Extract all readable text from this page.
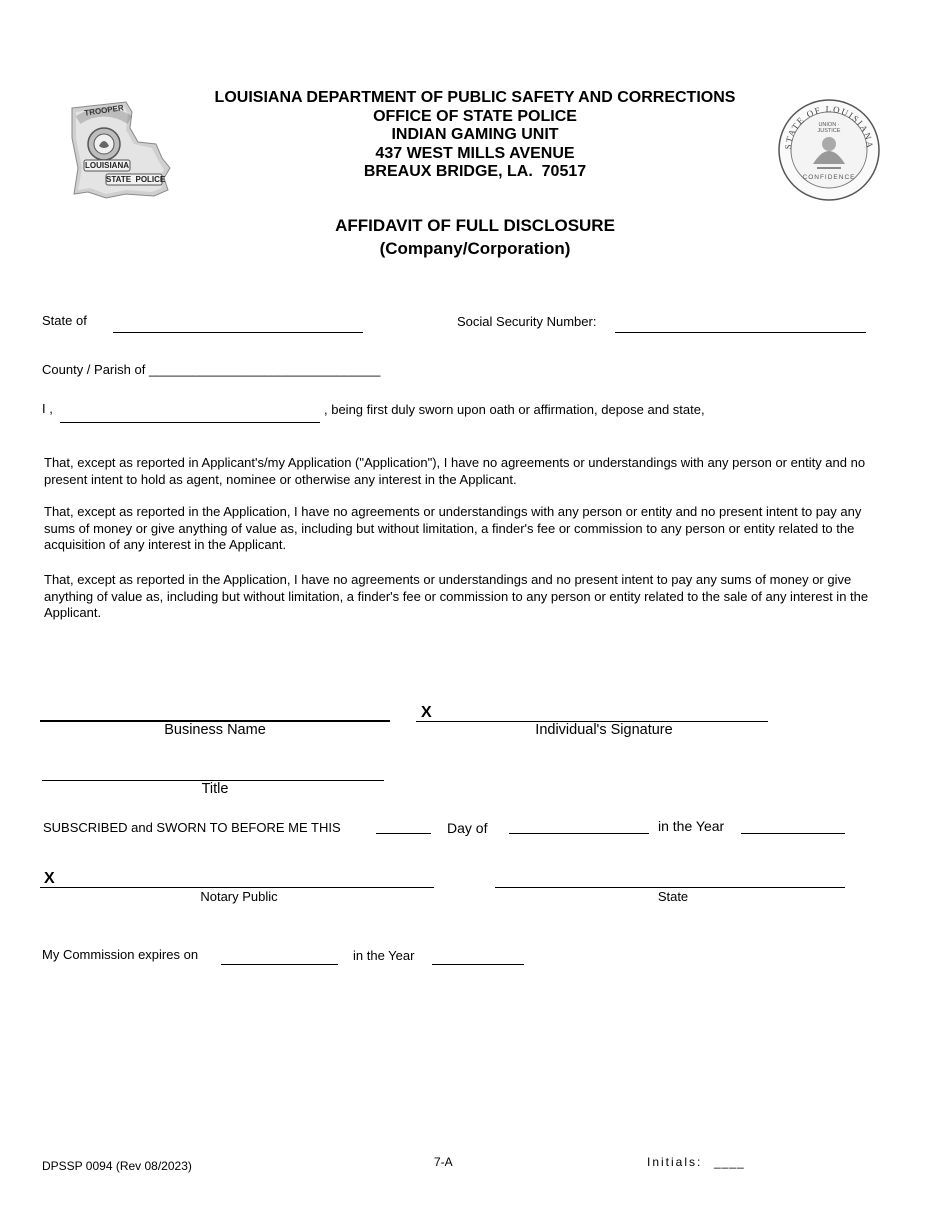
TROOPER
LOUISIANA
STATE  POLICE
LOUISIANA DEPARTMENT OF PUBLIC SAFETY AND CORRECTIONS
OFFICE OF STATE POLICE
INDIAN GAMING UNIT
437 WEST MILLS AVENUE
BREAUX BRIDGE, LA.  70517
STATE OF LOUISIANA
UNION · JUSTICE
CONFIDENCE
AFFIDAVIT OF FULL DISCLOSURE
(Company/Corporation)
State of	Social Security Number:
County / Parish of ________________________________
I ,	, being first duly sworn upon oath or affirmation, depose and state,
That, except as reported in Applicant's/my Application ("Application"), I have no agreements or understandings with any person or entity and no present intent to hold as agent, nominee or otherwise any interest in the Applicant.
That, except as reported in the Application, I have no agreements or understandings with any person or entity and no present intent to pay any sums of money or give anything of value as, including but without limitation, a finder's fee or commission to any person or entity related to the acquisition of any interest in the Applicant.
That, except as reported in the Application, I have no agreements or understandings and no present intent to pay any sums of money or give anything of value as, including but without limitation, a finder's fee or commission to any person or entity related to the sale of any interest in the Applicant.
Business Name
X
Individual's Signature
Title
SUBSCRIBED and SWORN TO BEFORE ME THIS	Day of	in the Year
X
Notary Public	State
My Commission expires on	in the Year
DPSSP 0094 (Rev 08/2023)	7-A	Initials: ____
